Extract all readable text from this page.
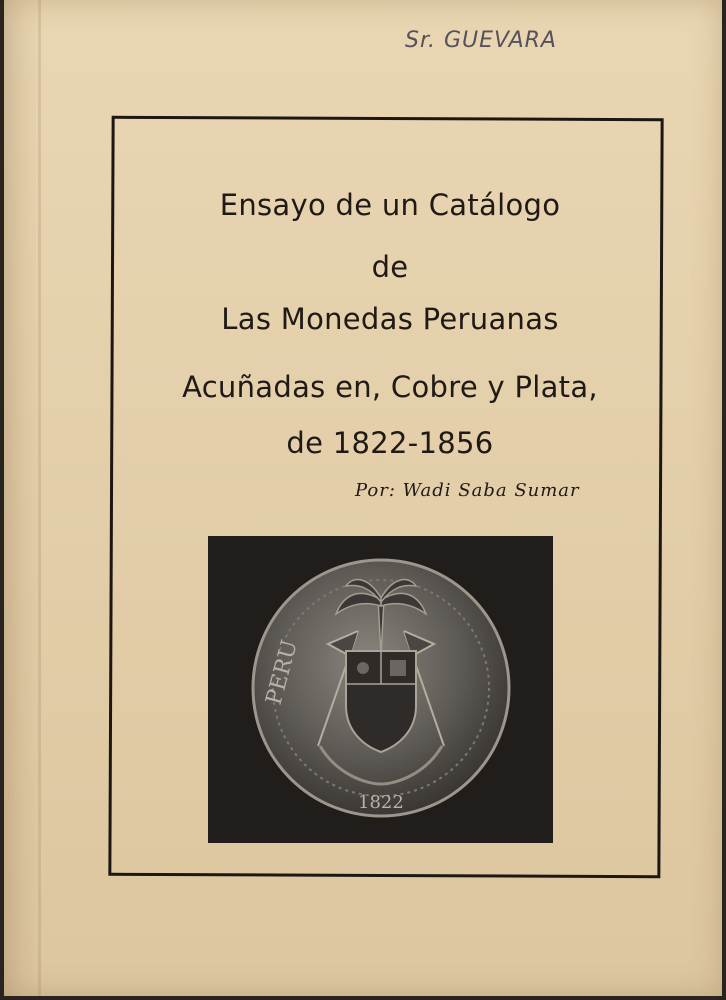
Sr. GUEVARA
Ensayo de un Catálogo
de
Las Monedas Peruanas
Acuñadas en, Cobre y Plata,
de 1822-1856
Por: Wadi Saba Sumar
PERU
1822
